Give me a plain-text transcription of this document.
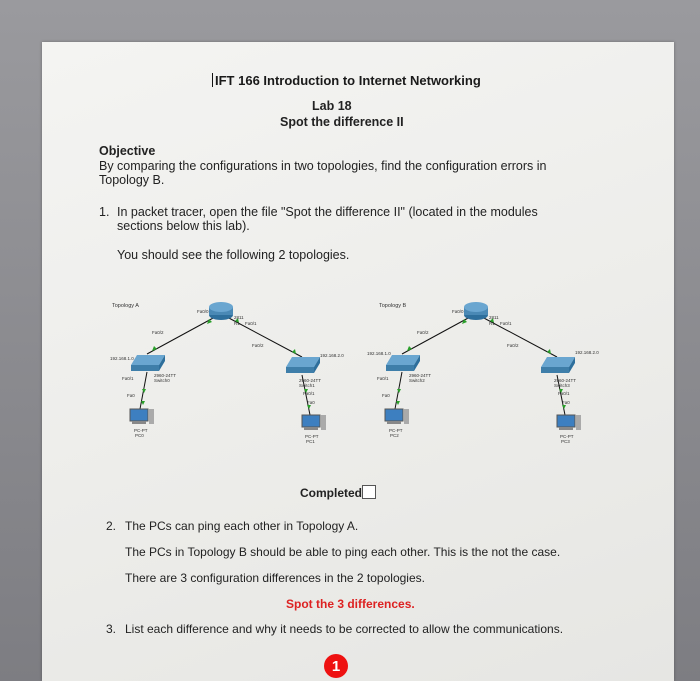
IFT 166 Introduction to Internet Networking
Lab 18
Spot the difference II
Objective
By comparing the configurations in two topologies, find the configuration errors in
Topology B.
1. In packet tracer, open the file "Spot the difference II" (located in the modules
sections below this lab).
You should see the following 2 topologies.
Topology A
Fa0/0
2811
R1 Fa0/1
Fa0/2
Fa0/2
192.168.1.0
192.168.2.0
2960-24TT
Switch0
Fa0/1	2960-24TT
Switch1
Fa0/1
Fa0
Fa0
PC-PT
PC0	PC-PT
PC1
Topology B
Fa0/0
2811
R1 Fa0/1
Fa0/2
Fa0/2
192.168.1.0	192.168.2.0
2960-24TT
Switch2
Fa0/1	2960-24TT
Switch3
Fa0/1
Fa0
Fa0
PC-PT
PC2	PC-PT
PC3
Completed
2. The PCs can ping each other in Topology A.
The PCs in Topology B should be able to ping each other. This is the not the case.
There are 3 configuration differences in the 2 topologies.
Spot the 3 differences.
3. List each difference and why it needs to be corrected to allow the communications.
1
